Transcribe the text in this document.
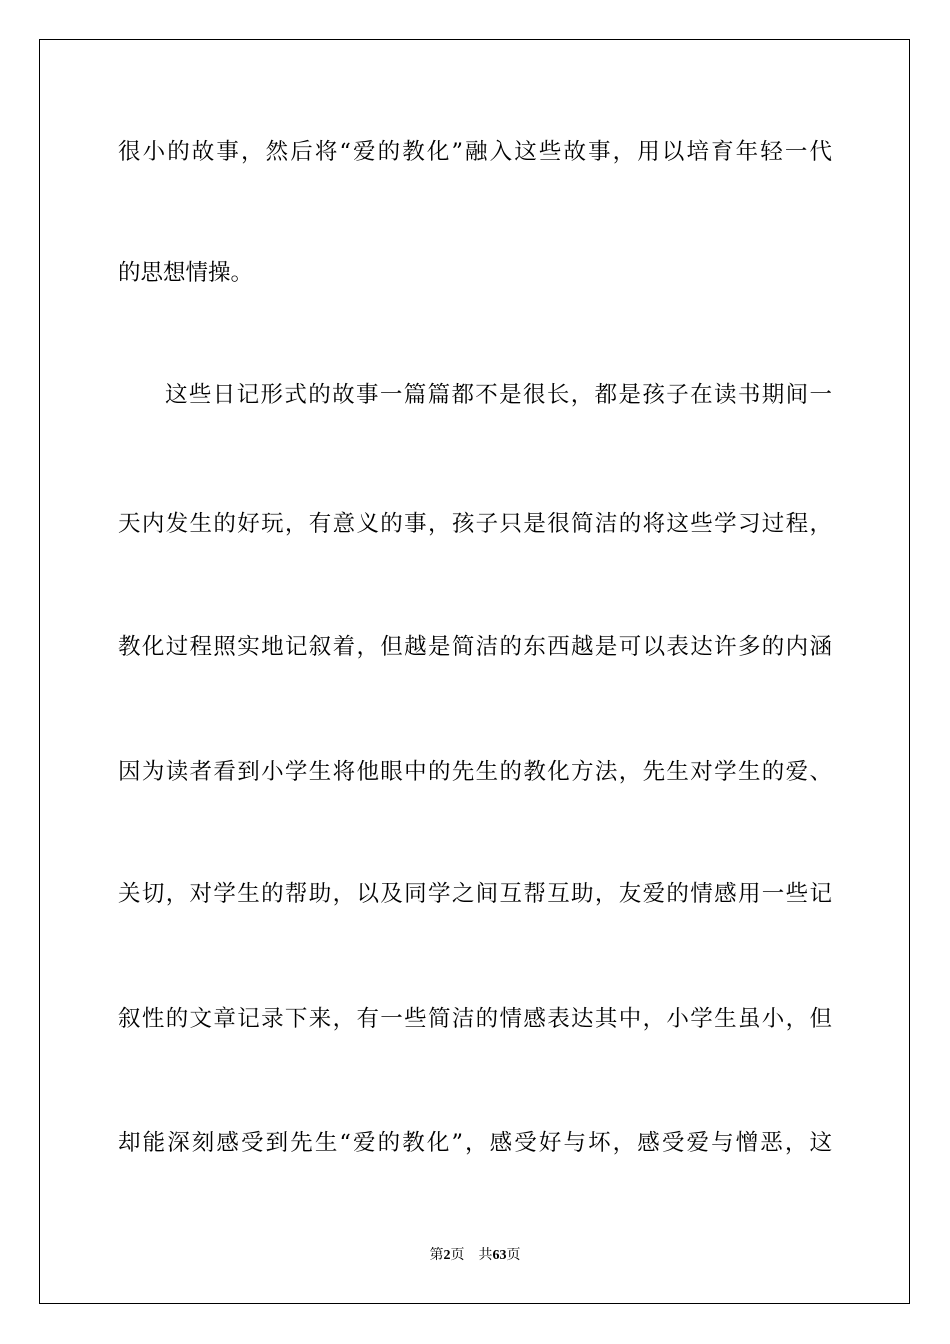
很小的故事，然后将“爱的教化”融入这些故事，用以培育年轻一代
的思想情操。
这些日记形式的故事一篇篇都不是很长，都是孩子在读书期间一
天内发生的好玩，有意义的事，孩子只是很简洁的将这些学习过程，
教化过程照实地记叙着，但越是简洁的东西越是可以表达许多的内涵
因为读者看到小学生将他眼中的先生的教化方法，先生对学生的爱、
关切，对学生的帮助，以及同学之间互帮互助，友爱的情感用一些记
叙性的文章记录下来，有一些简洁的情感表达其中，小学生虽小，但
却能深刻感受到先生“爱的教化”，感受好与坏，感受爱与憎恶，这
第2页 共63页
